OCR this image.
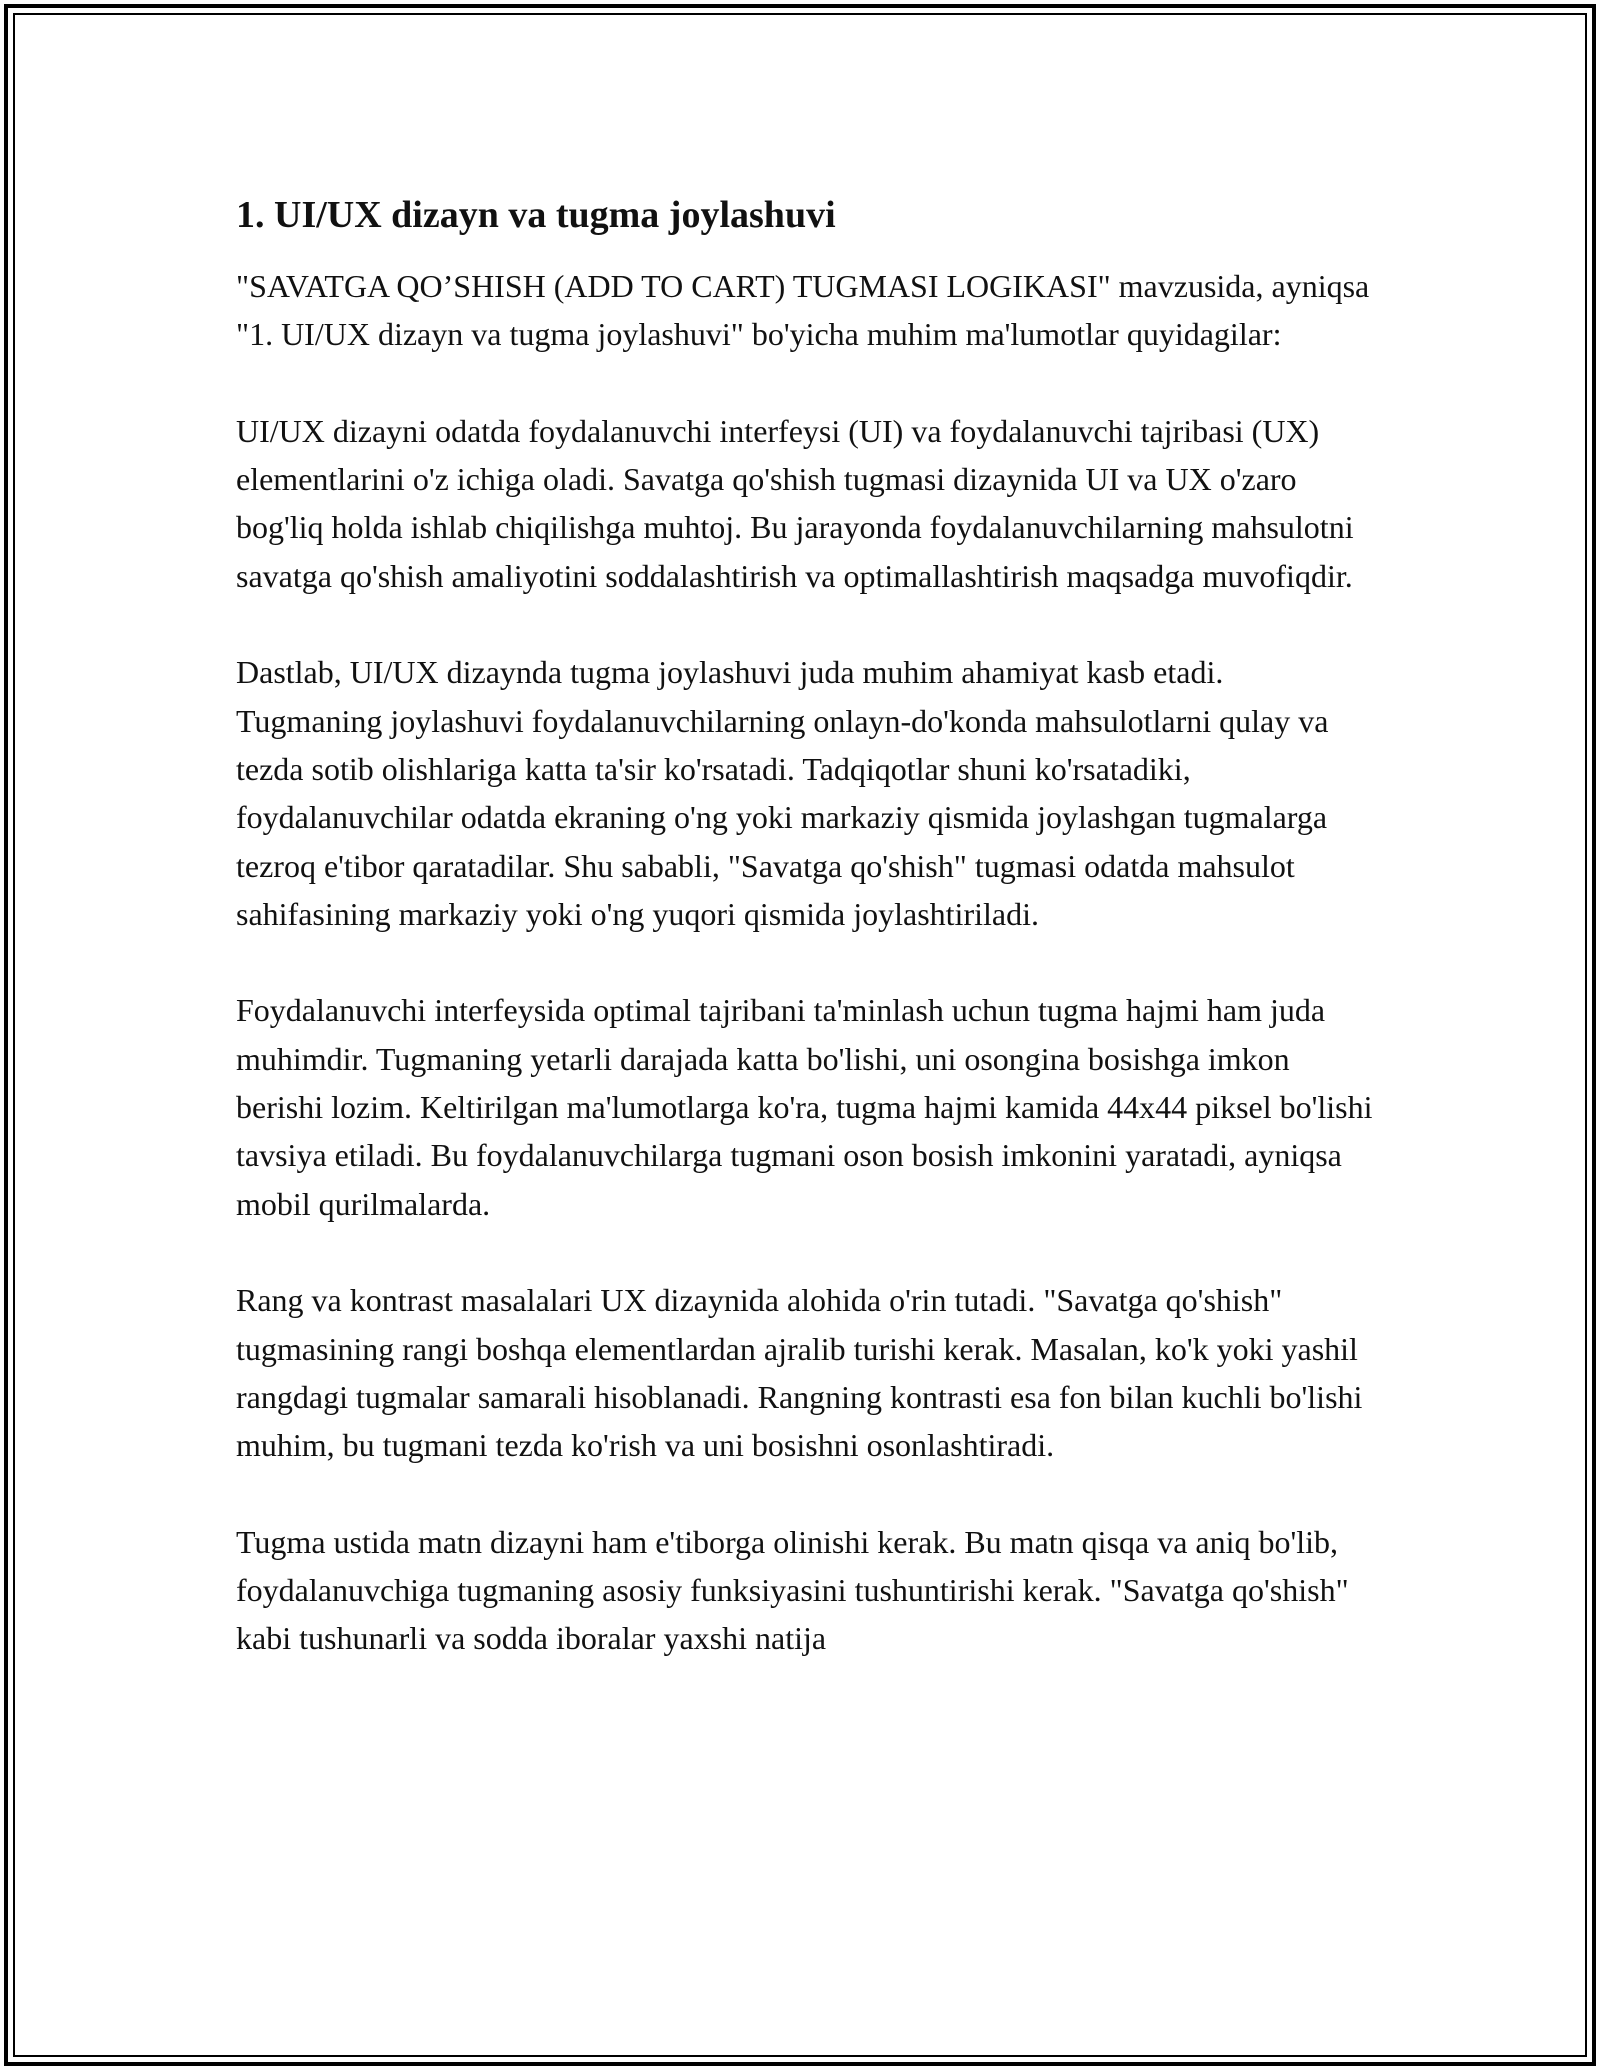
1. UI/UX dizayn va tugma joylashuvi

"SAVATGA QO’SHISH (ADD TO CART) TUGMASI LOGIKASI" mavzusida, ayniqsa "1. UI/UX dizayn va tugma joylashuvi" bo'yicha muhim ma'lumotlar quyidagilar:

UI/UX dizayni odatda foydalanuvchi interfeysi (UI) va foydalanuvchi tajribasi (UX) elementlarini o'z ichiga oladi. Savatga qo'shish tugmasi dizaynida UI va UX o'zaro bog'liq holda ishlab chiqilishga muhtoj. Bu jarayonda foydalanuvchilarning mahsulotni savatga qo'shish amaliyotini soddalashtirish va optimallashtirish maqsadga muvofiqdir.

Dastlab, UI/UX dizaynda tugma joylashuvi juda muhim ahamiyat kasb etadi. Tugmaning joylashuvi foydalanuvchilarning onlayn-do'konda mahsulotlarni qulay va tezda sotib olishlariga katta ta'sir ko'rsatadi. Tadqiqotlar shuni ko'rsatadiki, foydalanuvchilar odatda ekraning o'ng yoki markaziy qismida joylashgan tugmalarga tezroq e'tibor qaratadilar. Shu sababli, "Savatga qo'shish" tugmasi odatda mahsulot sahifasining markaziy yoki o'ng yuqori qismida joylashtiriladi.

Foydalanuvchi interfeysida optimal tajribani ta'minlash uchun tugma hajmi ham juda muhimdir. Tugmaning yetarli darajada katta bo'lishi, uni osongina bosishga imkon berishi lozim. Keltirilgan ma'lumotlarga ko'ra, tugma hajmi kamida 44x44 piksel bo'lishi tavsiya etiladi. Bu foydalanuvchilarga tugmani oson bosish imkonini yaratadi, ayniqsa mobil qurilmalarda.

Rang va kontrast masalalari UX dizaynida alohida o'rin tutadi. "Savatga qo'shish" tugmasining rangi boshqa elementlardan ajralib turishi kerak. Masalan, ko'k yoki yashil rangdagi tugmalar samarali hisoblanadi. Rangning kontrasti esa fon bilan kuchli bo'lishi muhim, bu tugmani tezda ko'rish va uni bosishni osonlashtiradi.

Tugma ustida matn dizayni ham e'tiborga olinishi kerak. Bu matn qisqa va aniq bo'lib, foydalanuvchiga tugmaning asosiy funksiyasini tushuntirishi kerak. "Savatga qo'shish" kabi tushunarli va sodda iboralar yaxshi natija
